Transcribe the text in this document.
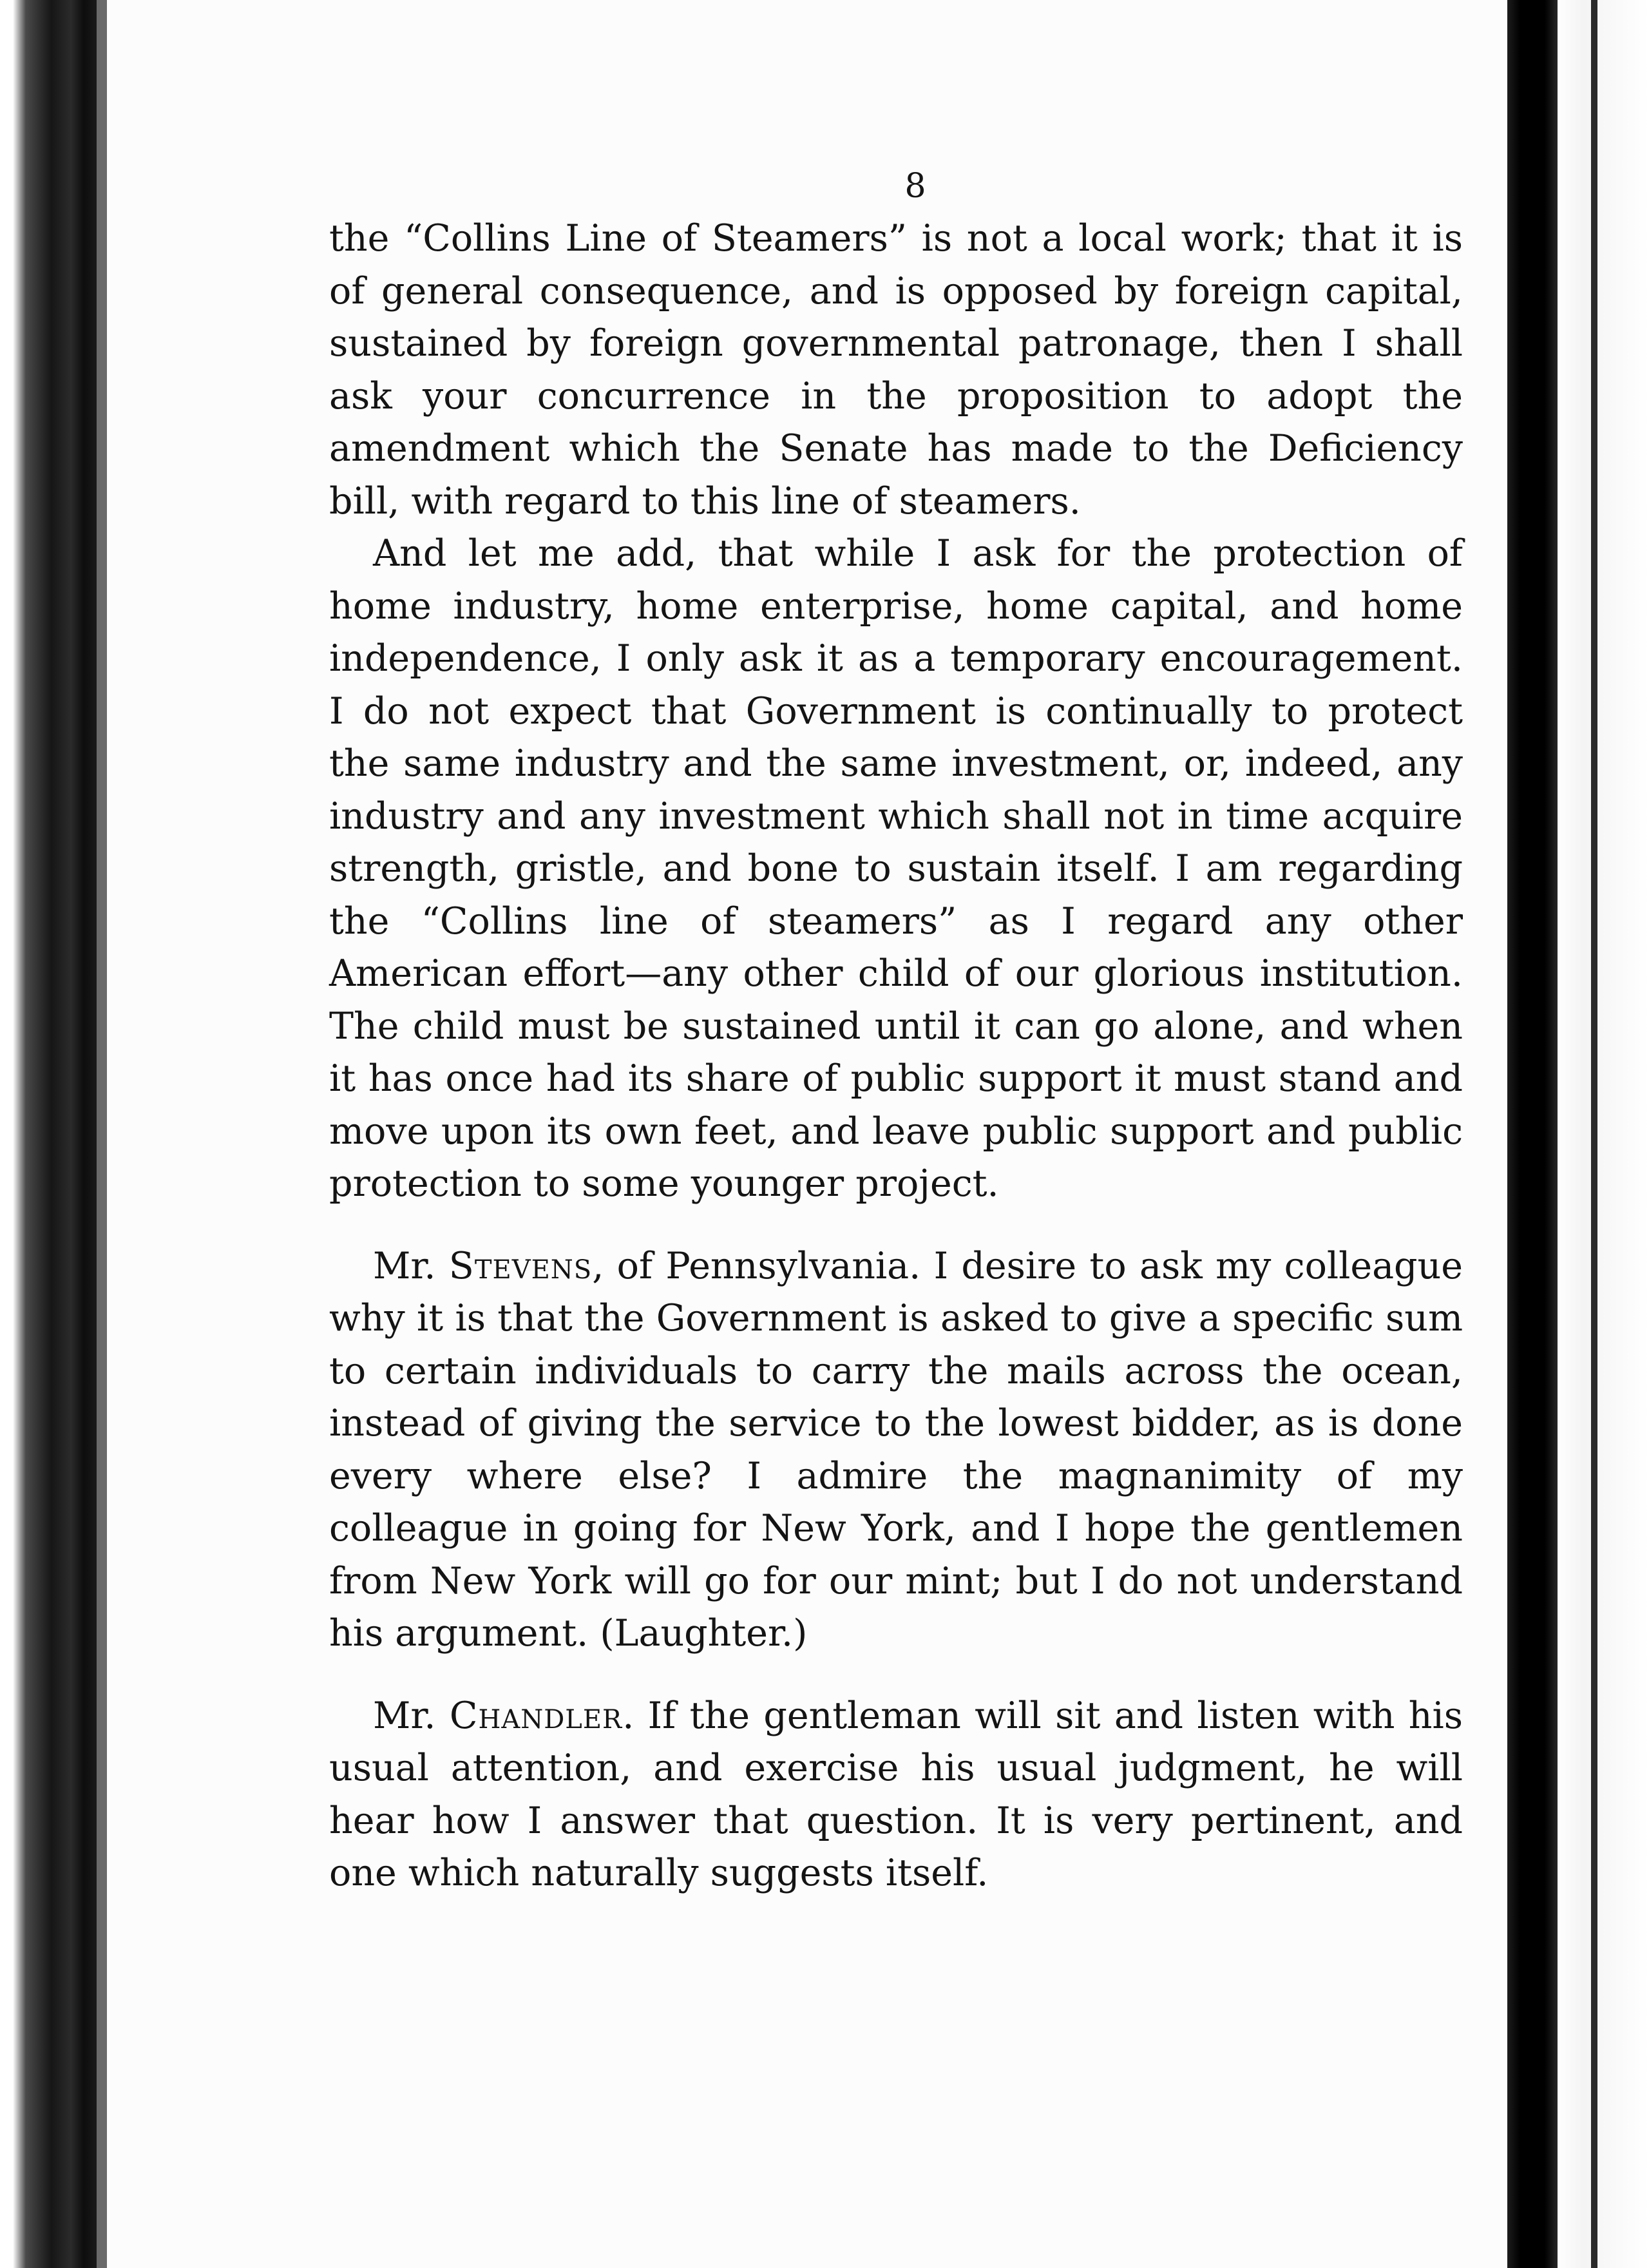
8

the “Collins Line of Steamers” is not a local work; that it is of general consequence, and is opposed by foreign capital, sustained by foreign governmental patronage, then I shall ask your concurrence in the proposition to adopt the amendment which the Senate has made to the Deficiency bill, with regard to this line of steamers.

And let me add, that while I ask for the protection of home industry, home enterprise, home capital, and home independence, I only ask it as a temporary encouragement. I do not expect that Government is continually to protect the same industry and the same investment, or, indeed, any industry and any investment which shall not in time acquire strength, gristle, and bone to sustain itself. I am regarding the “Collins line of steamers” as I regard any other American effort—any other child of our glorious institution. The child must be sustained until it can go alone, and when it has once had its share of public support it must stand and move upon its own feet, and leave public support and public protection to some younger project.

Mr. Stevens, of Pennsylvania. I desire to ask my colleague why it is that the Government is asked to give a specific sum to certain individuals to carry the mails across the ocean, instead of giving the service to the lowest bidder, as is done every where else? I admire the magnanimity of my colleague in going for New York, and I hope the gentlemen from New York will go for our mint; but I do not understand his argument. (Laughter.)

Mr. Chandler. If the gentleman will sit and listen with his usual attention, and exercise his usual judgment, he will hear how I answer that question. It is very pertinent, and one which naturally suggests itself.
